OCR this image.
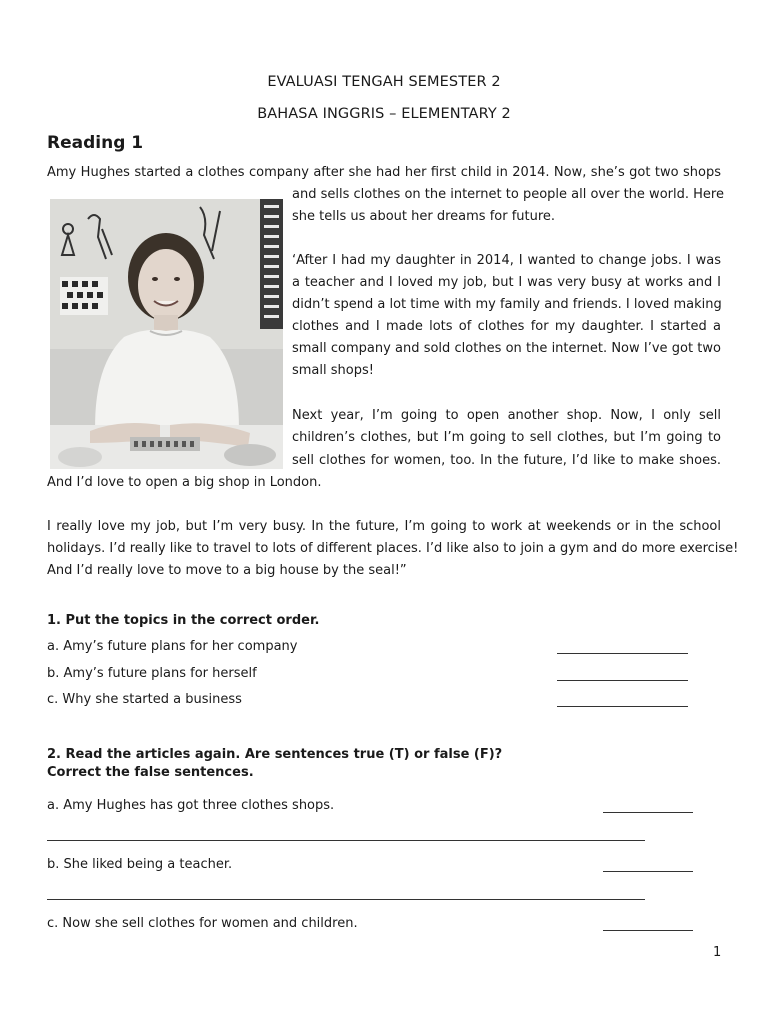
EVALUASI TENGAH SEMESTER 2
BAHASA INGGRIS – ELEMENTARY 2
Reading 1
Amy Hughes started a clothes company after she had her first child in 2014. Now, she’s got two shops
and sells clothes on the internet to people all over the world. Here
she tells us about her dreams for future.
‘After I had my daughter in 2014, I wanted to change jobs. I was
a teacher and I loved my job, but I was very busy at works and I
didn’t spend a lot time with my family and friends. I loved making
clothes and I made lots of clothes for my daughter. I started a
small company and sold clothes on the internet. Now I’ve got two
small shops!
Next year, I’m going to open another shop. Now, I only sell
children’s clothes, but I’m going to sell clothes, but I’m going to
sell clothes for women, too. In the future, I’d like to make shoes.
And I’d love to open a big shop in London.
I really love my job, but I’m very busy. In the future, I’m going to work at weekends or in the school
holidays. I’d really like to travel to lots of different places. I’d like also to join a gym and do more exercise!
And I’d really love to move to a big house by the seal!”
1. Put the topics in the correct order.
a. Amy’s future plans for her company
b. Amy’s future plans for herself
c. Why she started a business
2. Read the articles again. Are sentences true (T) or false (F)?
Correct the false sentences.
a. Amy Hughes has got three clothes shops.
b. She liked being a teacher.
c. Now she sell clothes for women and children.
1
